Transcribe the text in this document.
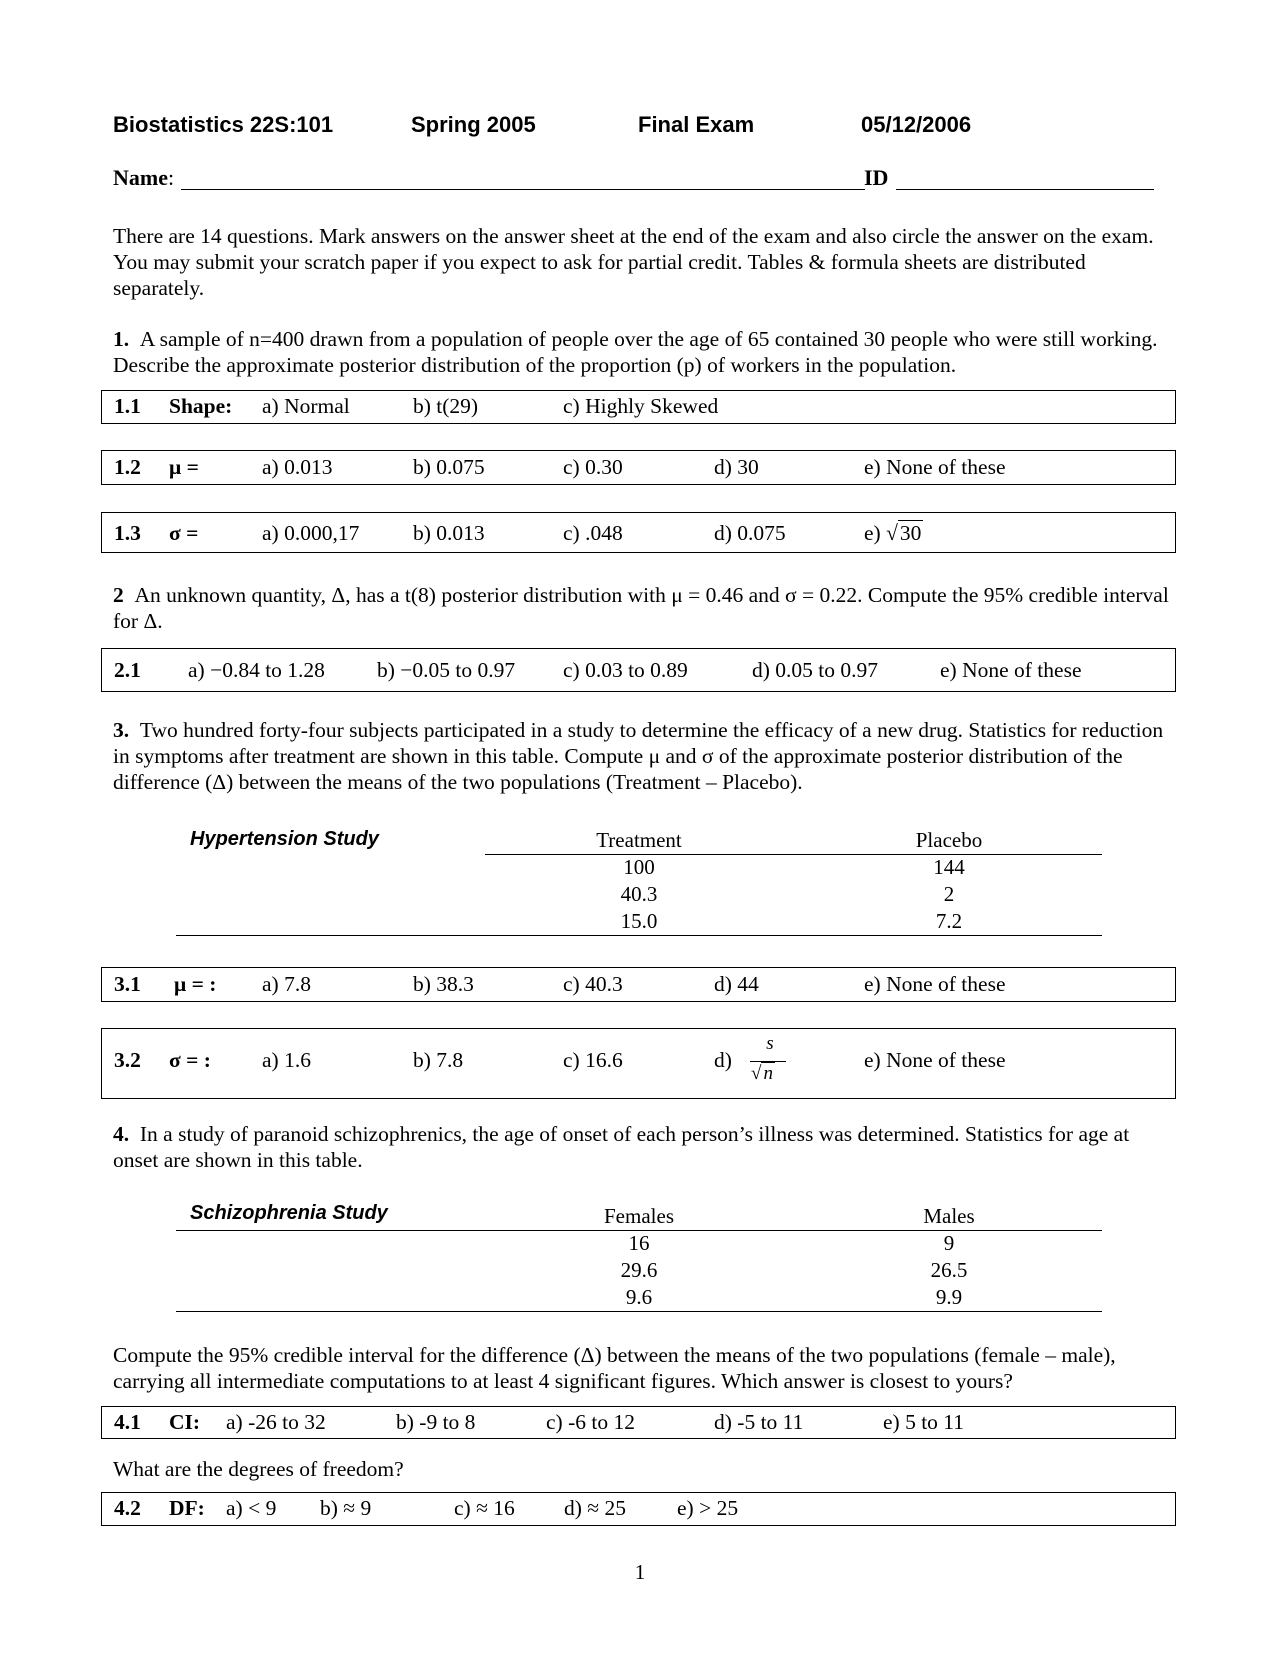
Biostatistics 22S:101	Spring 2005	Final Exam	05/12/2006
Name:	ID
There are 14 questions. Mark answers on the answer sheet at the end of the exam and also circle the answer on the exam. You may submit your scratch paper if you expect to ask for partial credit. Tables & formula sheets are distributed separately.
1. A sample of n=400 drawn from a population of people over the age of 65 contained 30 people who were still working. Describe the approximate posterior distribution of the proportion (p) of workers in the population.
1.1 Shape: a) Normal	b) t(29)	c) Highly Skewed
1.2 μ =	a) 0.013	b) 0.075	c) 0.30	d) 30	e) None of these
1.3 σ =	a) 0.000,17 b) 0.013	c) .048	d) 0.075	e) √30
2 An unknown quantity, Δ, has a t(8) posterior distribution with μ = 0.46 and σ = 0.22. Compute the 95% credible interval for Δ.
2.1 a) −0.84 to 1.28 b) −0.05 to 0.97 c) 0.03 to 0.89	d) 0.05 to 0.97	e) None of these
3. Two hundred forty-four subjects participated in a study to determine the efficacy of a new drug. Statistics for reduction in symptoms after treatment are shown in this table. Compute μ and σ of the approximate posterior distribution of the difference (Δ) between the means of the two populations (Treatment – Placebo).
Hypertension Study	Treatment	Placebo
100	144
40.3	2
15.0	7.2
3.1 μ = : a) 7.8	b) 38.3	c) 40.3	d) 44	e) None of these
3.2 σ = : a) 1.6	b) 7.8	c) 16.6	d)
s
√ n
e) None of these
4. In a study of paranoid schizophrenics, the age of onset of each person’s illness was determined. Statistics for age at onset are shown in this table.
Schizophrenia Study	Females	Males
16	9
29.6	26.5
9.6	9.9
Compute the 95% credible interval for the difference (Δ) between the means of the two populations (female – male), carrying all intermediate computations to at least 4 significant figures. Which answer is closest to yours?
4.1 CI: a) -26 to 32	b) -9 to 8	c) -6 to 12	d) -5 to 11	e) 5 to 11
What are the degrees of freedom?
4.2 DF: a) < 9 b) ≈ 9	c) ≈ 16 d) ≈ 25 e) > 25
1
